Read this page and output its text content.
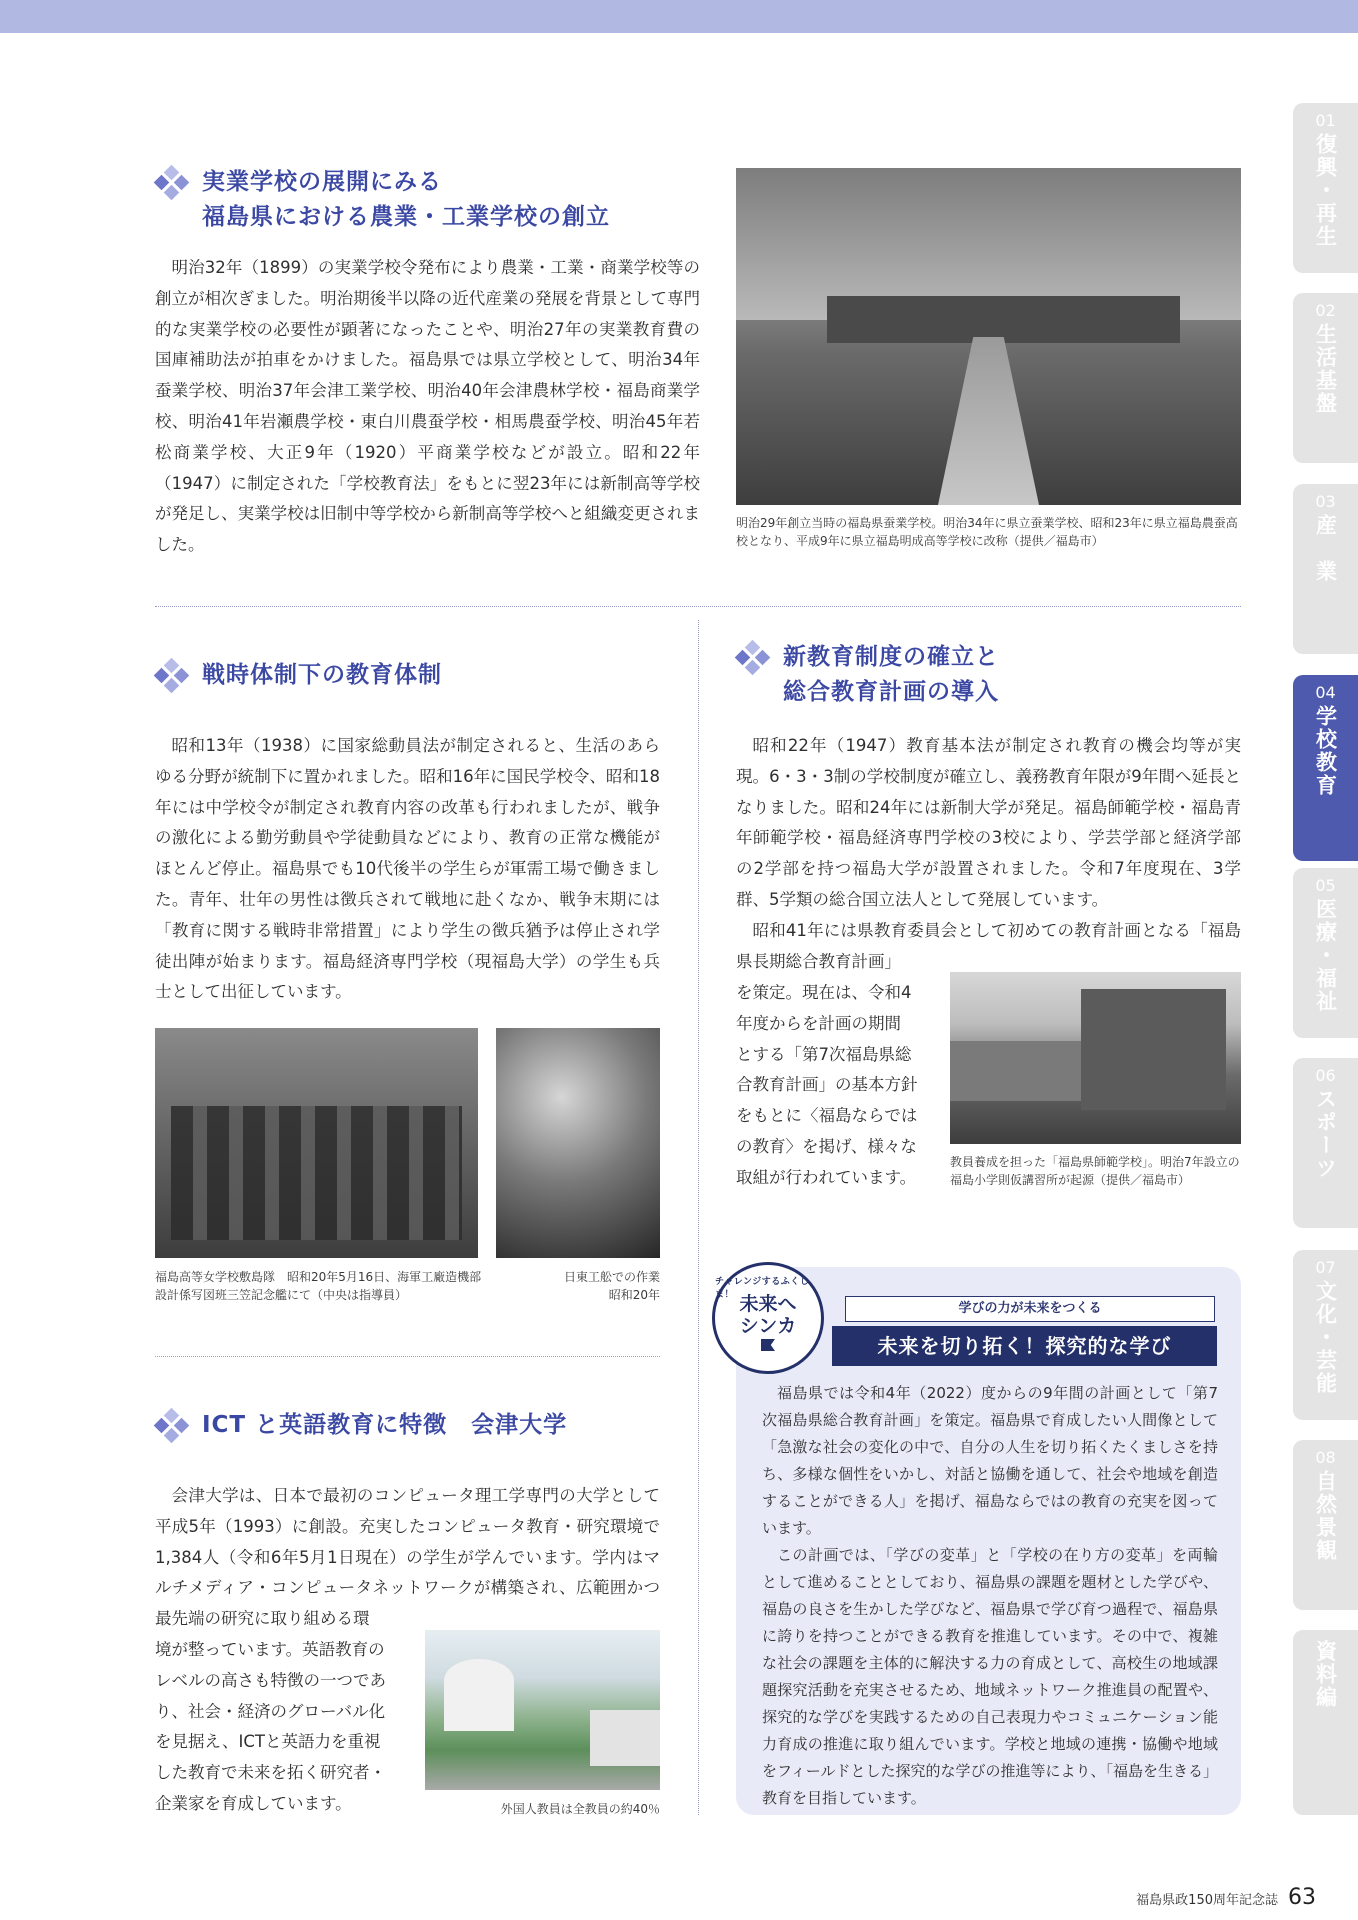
実業学校の展開にみる
福島県における農業・工業学校の創立

明治32年（1899）の実業学校令発布により農業・工業・商業学校等の創立が相次ぎました。明治期後半以降の近代産業の発展を背景として専門的な実業学校の必要性が顕著になったことや、明治27年の実業教育費の国庫補助法が拍車をかけました。福島県では県立学校として、明治34年蚕業学校、明治37年会津工業学校、明治40年会津農林学校・福島商業学校、明治41年岩瀬農学校・東白川農蚕学校・相馬農蚕学校、明治45年若松商業学校、大正9年（1920）平商業学校などが設立。昭和22年（1947）に制定された「学校教育法」をもとに翌23年には新制高等学校が発足し、実業学校は旧制中等学校から新制高等学校へと組織変更されました。

明治29年創立当時の福島県蚕業学校。明治34年に県立蚕業学校、昭和23年に県立福島農蚕高校となり、平成9年に県立福島明成高等学校に改称（提供／福島市）
戦時体制下の教育体制

昭和13年（1938）に国家総動員法が制定されると、生活のあらゆる分野が統制下に置かれました。昭和16年に国民学校令、昭和18年には中学校令が制定され教育内容の改革も行われましたが、戦争の激化による勤労動員や学徒動員などにより、教育の正常な機能がほとんど停止。福島県でも10代後半の学生らが軍需工場で働きました。青年、壮年の男性は徴兵されて戦地に赴くなか、戦争末期には「教育に関する戦時非常措置」により学生の徴兵猶予は停止され学徒出陣が始まります。福島経済専門学校（現福島大学）の学生も兵士として出征しています。

福島高等女学校敷島隊　昭和20年5月16日、海軍工廠造機部設計係写図班三笠記念艦にて（中央は指導員）
日東工舩での作業
昭和20年
新教育制度の確立と
総合教育計画の導入

昭和22年（1947）教育基本法が制定され教育の機会均等が実現。6・3・3制の学校制度が確立し、義務教育年限が9年間へ延長となりました。昭和24年には新制大学が発足。福島師範学校・福島青年師範学校・福島経済専門学校の3校により、学芸学部と経済学部の2学部を持つ福島大学が設置されました。令和7年度現在、3学群、5学類の総合国立法人として発展しています。

昭和41年には県教育委員会として初めての教育計画となる「福島県長期総合教育計画」

を策定。現在は、令和4
年度からを計画の期間
とする「第7次福島県総
合教育計画」の基本方針
をもとに〈福島ならでは
の教育〉を掲げ、様々な
取組が行われています。
教員養成を担った「福島県師範学校」。明治7年設立の福島小学則仮講習所が起源（提供／福島市）
ICT と英語教育に特徴　会津大学

会津大学は、日本で最初のコンピュータ理工学専門の大学として平成5年（1993）に創設。充実したコンピュータ教育・研究環境で1,384人（令和6年5月1日現在）の学生が学んでいます。学内はマルチメディア・コンピュータネットワークが構築され、広範囲かつ最先端の研究に取り組める環

境が整っています。英語教育の
レベルの高さも特徴の一つであ
り、社会・経済のグローバル化
を見据え、ICTと英語力を重視
した教育で未来を拓く研究者・
企業家を育成しています。	外国人教員は全教員の約40％
チャレンジするふくしま！ 未来へ
シンカ
学びの力が未来をつくる
未来を切り拓く！探究的な学び

福島県では令和4年（2022）度からの9年間の計画として「第7次福島県総合教育計画」を策定。福島県で育成したい人間像として「急激な社会の変化の中で、自分の人生を切り拓くたくましさを持ち、多様な個性をいかし、対話と協働を通して、社会や地域を創造することができる人」を掲げ、福島ならではの教育の充実を図っています。

この計画では、「学びの変革」と「学校の在り方の変革」を両輪として進めることとしており、福島県の課題を題材とした学びや、福島の良さを生かした学びなど、福島県で学び育つ過程で、福島県に誇りを持つことができる教育を推進しています。その中で、複雑な社会の課題を主体的に解決する力の育成として、高校生の地域課題探究活動を充実させるため、地域ネットワーク推進員の配置や、探究的な学びを実践するための自己表現力やコミュニケーション能力育成の推進に取り組んでいます。学校と地域の連携・協働や地域をフィールドとした探究的な学びの推進等により、「福島を生きる」教育を目指しています。

01
復興・再生
02
生活基盤
03
産　業
04
学校教育
05
医療・福祉
06
スポーツ
07
文化・芸能
08
自然景観
資料編
福島県政150周年記念誌 63
